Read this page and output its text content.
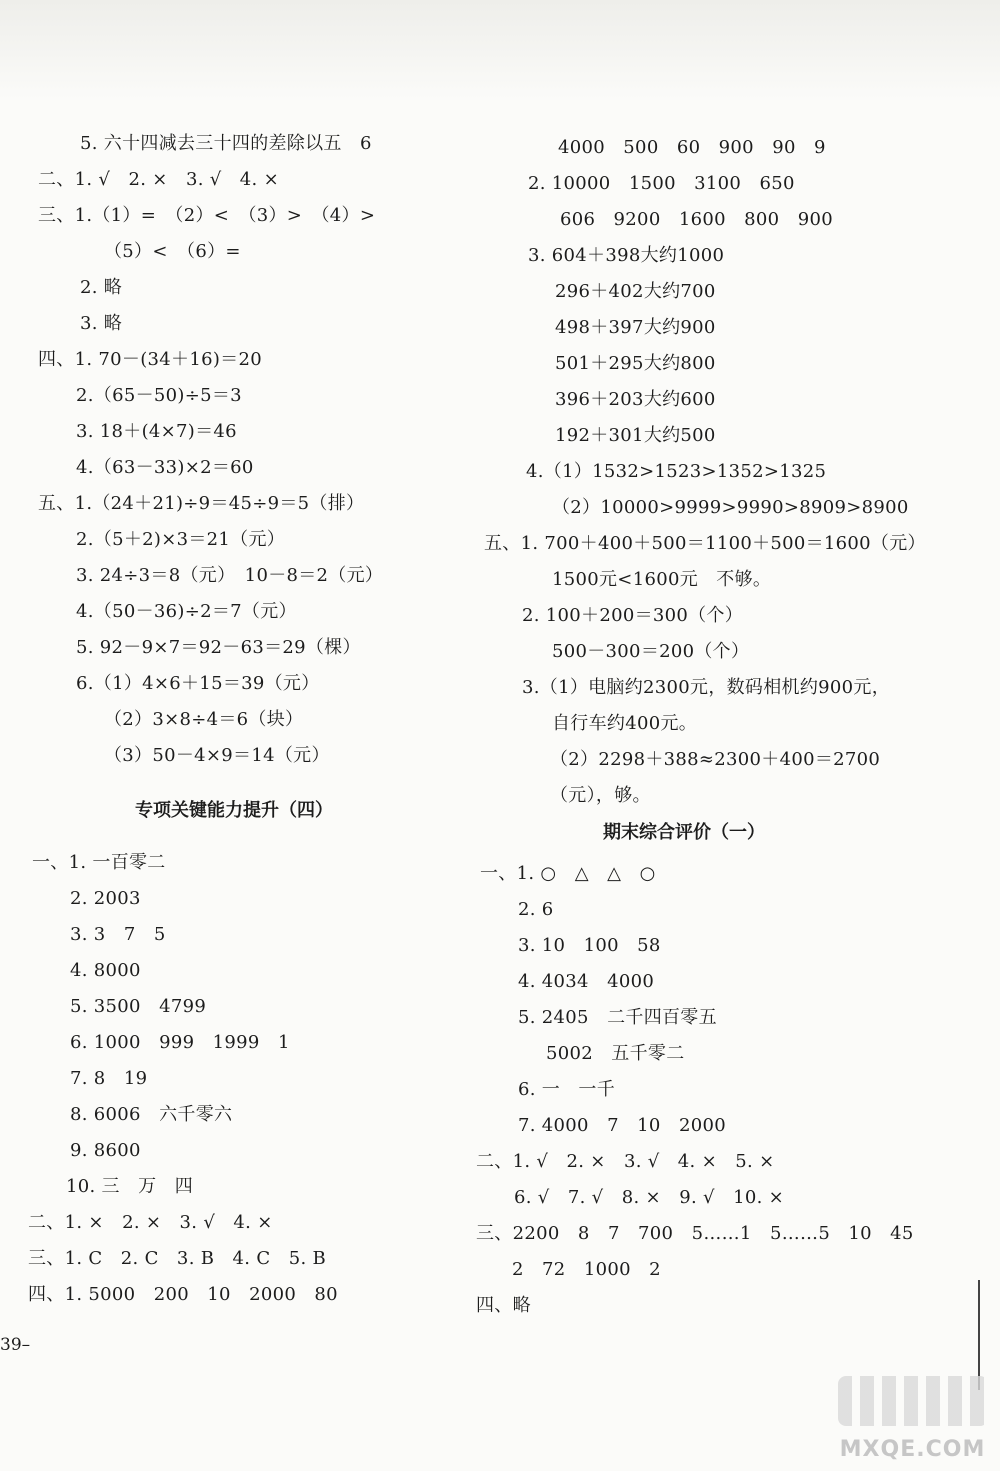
5. 六十四减去三十四的差除以五　6
二、1. √　2. ×　3. √　4. ×
三、1.（1）=　（2）<　（3）>　（4）>
（5）<　（6）=
2. 略
3. 略
四、1. 70－(34＋16)＝20
2.（65－50)÷5＝3
3. 18＋(4×7)＝46
4.（63－33)×2＝60
五、1.（24＋21)÷9＝45÷9＝5（排）
2.（5＋2)×3＝21（元）
3. 24÷3＝8（元）　10－8＝2（元）
4.（50－36)÷2＝7（元）
5. 92－9×7＝92－63＝29（棵）
6.（1）4×6＋15＝39（元）
（2）3×8÷4＝6（块）
（3）50－4×9＝14（元）
专项关键能力提升（四）
一、1. 一百零二
2. 2003
3. 3　7　5
4. 8000
5. 3500　4799
6. 1000　999　1999　1
7. 8　19
8. 6006　六千零六
9. 8600
10. 三　万　四
二、1. ×　2. ×　3. √　4. ×
三、1. C　2. C　3. B　4. C　5. B
四、1. 5000　200　10　2000　80
4000　500　60　900　90　9
2. 10000　1500　3100　650
606　9200　1600　800　900
3. 604＋398大约1000
296＋402大约700
498＋397大约900
501＋295大约800
396＋203大约600
192＋301大约500
4.（1）1532>1523>1352>1325
（2）10000>9999>9990>8909>8900
五、1. 700＋400＋500＝1100＋500＝1600（元）
1500元<1600元　不够。
2. 100＋200＝300（个）
500－300＝200（个）
3.（1）电脑约2300元，数码相机约900元，
自行车约400元。
（2）2298＋388≈2300＋400＝2700
（元），够。
期末综合评价（一）
一、1. ○　△　△　○
2. 6
3. 10　100　58
4. 4034　4000
5. 2405　二千四百零五
5002　五千零二
6. 一　一千
7. 4000　7　10　2000
二、1. √　2. ×　3. √　4. ×　5. ×
6. √　7. √　8. ×　9. √　10. ×
三、2200　8　7　700　5……1　5……5　10　45
2　72　1000　2
四、略
39–
MXQE.COM
